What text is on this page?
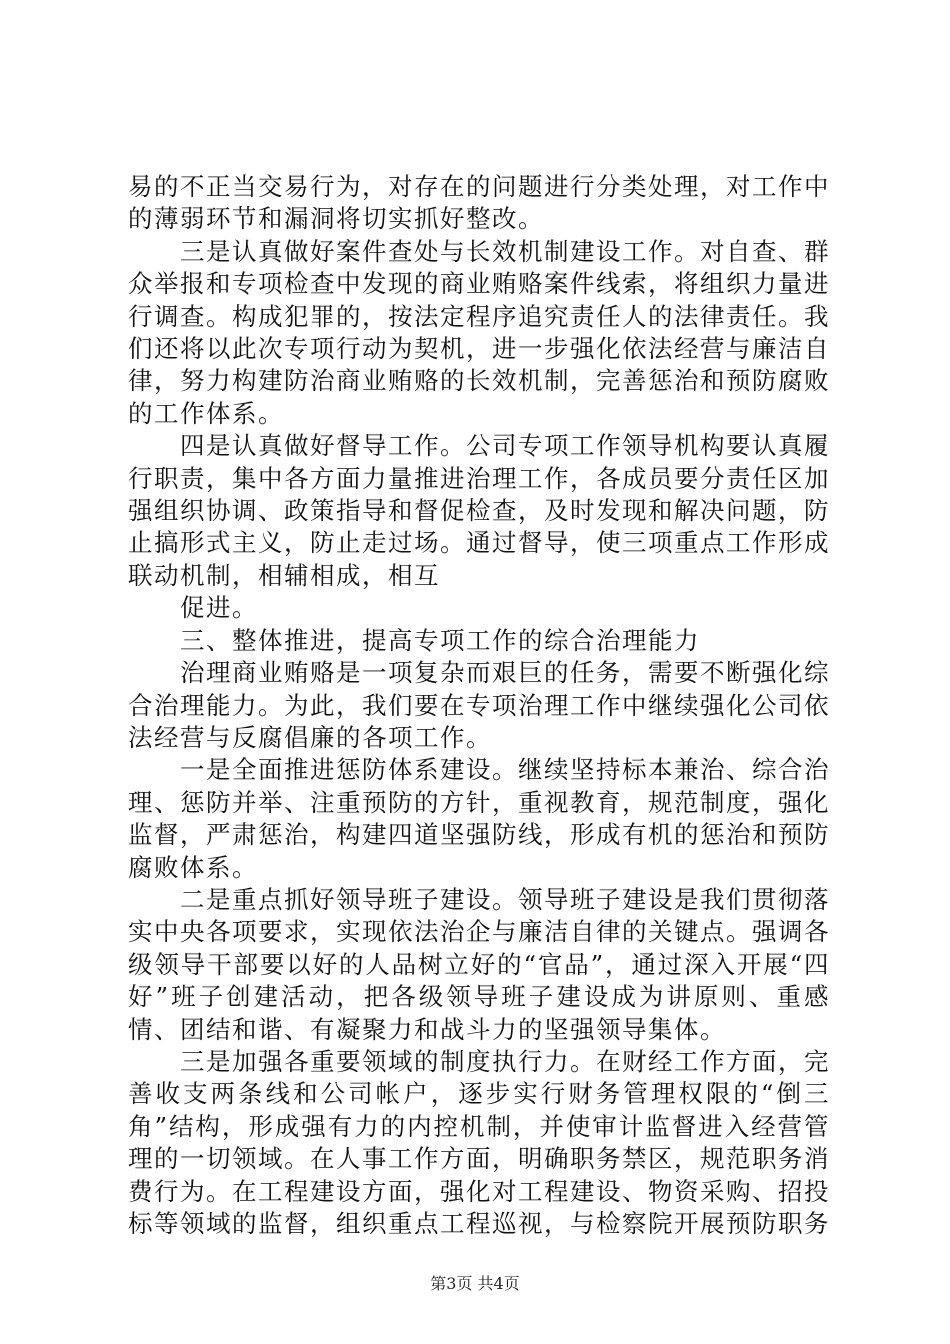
易的不正当交易行为，对存在的问题进行分类处理，对工作中的薄弱环节和漏洞将切实抓好整改。

　　三是认真做好案件查处与长效机制建设工作。对自查、群众举报和专项检查中发现的商业贿赂案件线索，将组织力量进行调查。构成犯罪的，按法定程序追究责任人的法律责任。我们还将以此次专项行动为契机，进一步强化依法经营与廉洁自律，努力构建防治商业贿赂的长效机制，完善惩治和预防腐败的工作体系。

　　四是认真做好督导工作。公司专项工作领导机构要认真履行职责，集中各方面力量推进治理工作，各成员要分责任区加强组织协调、政策指导和督促检查，及时发现和解决问题，防止搞形式主义，防止走过场。通过督导，使三项重点工作形成联动机制，相辅相成，相互

　　促进。

　　三、整体推进，提高专项工作的综合治理能力

　　治理商业贿赂是一项复杂而艰巨的任务，需要不断强化综合治理能力。为此，我们要在专项治理工作中继续强化公司依法经营与反腐倡廉的各项工作。

　　一是全面推进惩防体系建设。继续坚持标本兼治、综合治理、惩防并举、注重预防的方针，重视教育，规范制度，强化监督，严肃惩治，构建四道坚强防线，形成有机的惩治和预防腐败体系。

　　二是重点抓好领导班子建设。领导班子建设是我们贯彻落实中央各项要求，实现依法治企与廉洁自律的关键点。强调各级领导干部要以好的人品树立好的“官品”，通过深入开展“四好”班子创建活动，把各级领导班子建设成为讲原则、重感情、团结和谐、有凝聚力和战斗力的坚强领导集体。

　　三是加强各重要领域的制度执行力。在财经工作方面，完善收支两条线和公司帐户，逐步实行财务管理权限的“倒三角”结构，形成强有力的内控机制，并使审计监督进入经营管理的一切领域。在人事工作方面，明确职务禁区，规范职务消费行为。在工程建设方面，强化对工程建设、物资采购、招投标等领域的监督，组织重点工程巡视，与检察院开展预防职务

第3页 共4页
